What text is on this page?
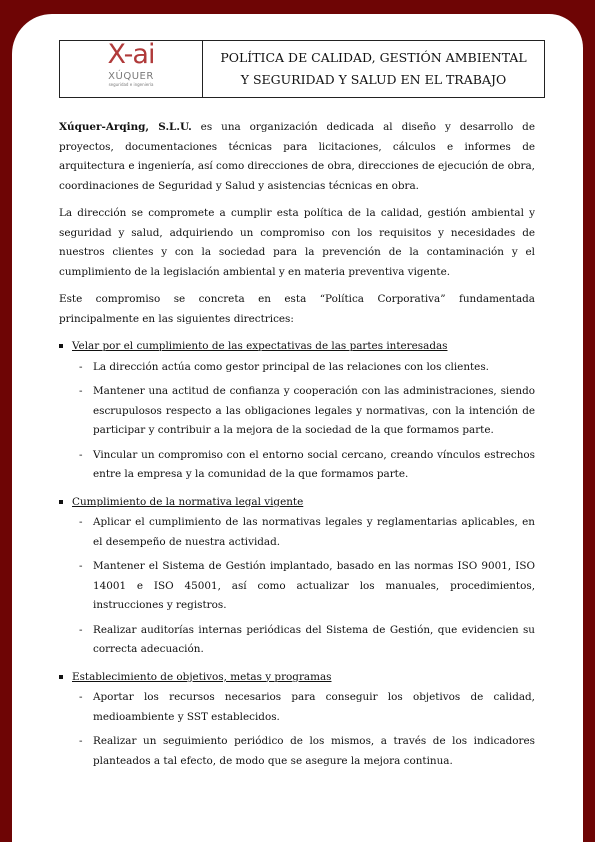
X-ai
XÚQUER
seguridad e ingeniería
POLÍTICA DE CALIDAD, GESTIÓN AMBIENTAL
Y SEGURIDAD Y SALUD EN EL TRABAJO

Xúquer-Arqing, S.L.U. es una organización dedicada al diseño y desarrollo de proyectos, documentaciones técnicas para licitaciones, cálculos e informes de arquitectura e ingeniería, así como direcciones de obra, direcciones de ejecución de obra, coordinaciones de Seguridad y Salud y asistencias técnicas en obra.

La dirección se compromete a cumplir esta política de la calidad, gestión ambiental y seguridad y salud, adquiriendo un compromiso con los requisitos y necesidades de nuestros clientes y con la sociedad para la prevención de la contaminación y el cumplimiento de la legislación ambiental y en materia preventiva vigente.

Este compromiso se concreta en esta “Política Corporativa” fundamentada principalmente en las siguientes directrices:

Velar por el cumplimiento de las expectativas de las partes interesadas
- La dirección actúa como gestor principal de las relaciones con los clientes.
- Mantener una actitud de confianza y cooperación con las administraciones, siendo escrupulosos respecto a las obligaciones legales y normativas, con la intención de participar y contribuir a la mejora de la sociedad de la que formamos parte.
- Vincular un compromiso con el entorno social cercano, creando vínculos estrechos entre la empresa y la comunidad de la que formamos parte.
Cumplimiento de la normativa legal vigente
- Aplicar el cumplimiento de las normativas legales y reglamentarias aplicables, en el desempeño de nuestra actividad.
- Mantener el Sistema de Gestión implantado, basado en las normas ISO 9001, ISO 14001 e ISO 45001, así como actualizar los manuales, procedimientos, instrucciones y registros.
- Realizar auditorías internas periódicas del Sistema de Gestión, que evidencien su correcta adecuación.
Establecimiento de objetivos, metas y programas
- Aportar los recursos necesarios para conseguir los objetivos de calidad, medioambiente y SST establecidos.
- Realizar un seguimiento periódico de los mismos, a través de los indicadores planteados a tal efecto, de modo que se asegure la mejora continua.
